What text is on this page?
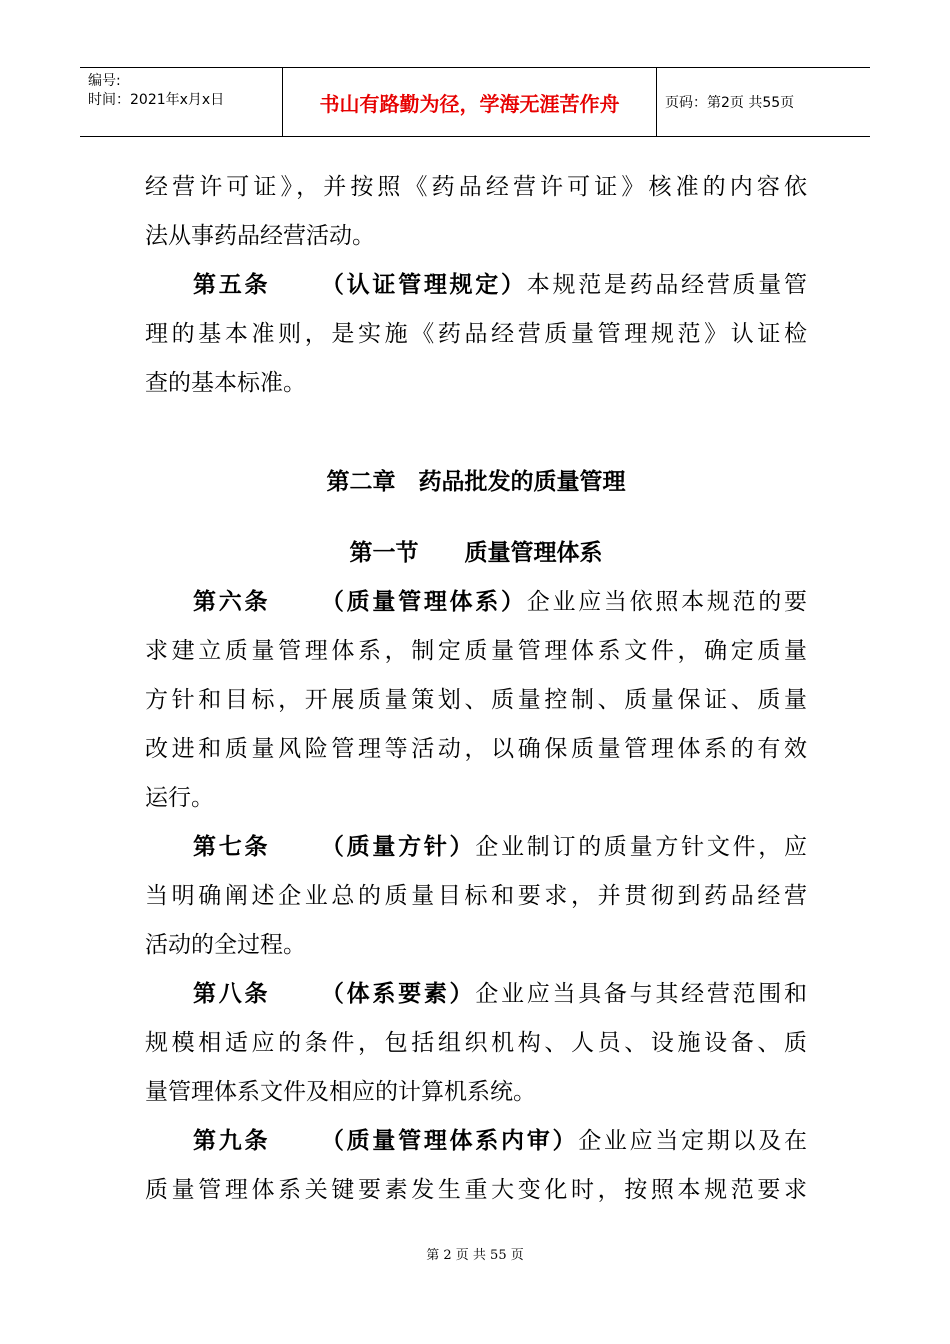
编号:
时间：2021年x月x日	书山有路勤为径，学海无涯苦作舟	页码：第2页 共55页
经营许可证》，并按照《药品经营许可证》核准的内容依
法从事药品经营活动。
第五条 （认证管理规定）本规范是药品经营质量管
理的基本准则，是实施《药品经营质量管理规范》认证检
查的基本标准。
第二章　药品批发的质量管理
第一节　　质量管理体系
第六条 （质量管理体系）企业应当依照本规范的要
求建立质量管理体系，制定质量管理体系文件，确定质量
方针和目标，开展质量策划、质量控制、质量保证、质量
改进和质量风险管理等活动，以确保质量管理体系的有效
运行。
第七条 （质量方针）企业制订的质量方针文件，应
当明确阐述企业总的质量目标和要求，并贯彻到药品经营
活动的全过程。
第八条 （体系要素）企业应当具备与其经营范围和
规模相适应的条件，包括组织机构、人员、设施设备、质
量管理体系文件及相应的计算机系统。
第九条 （质量管理体系内审）企业应当定期以及在
质量管理体系关键要素发生重大变化时，按照本规范要求
第 2 页 共 55 页
